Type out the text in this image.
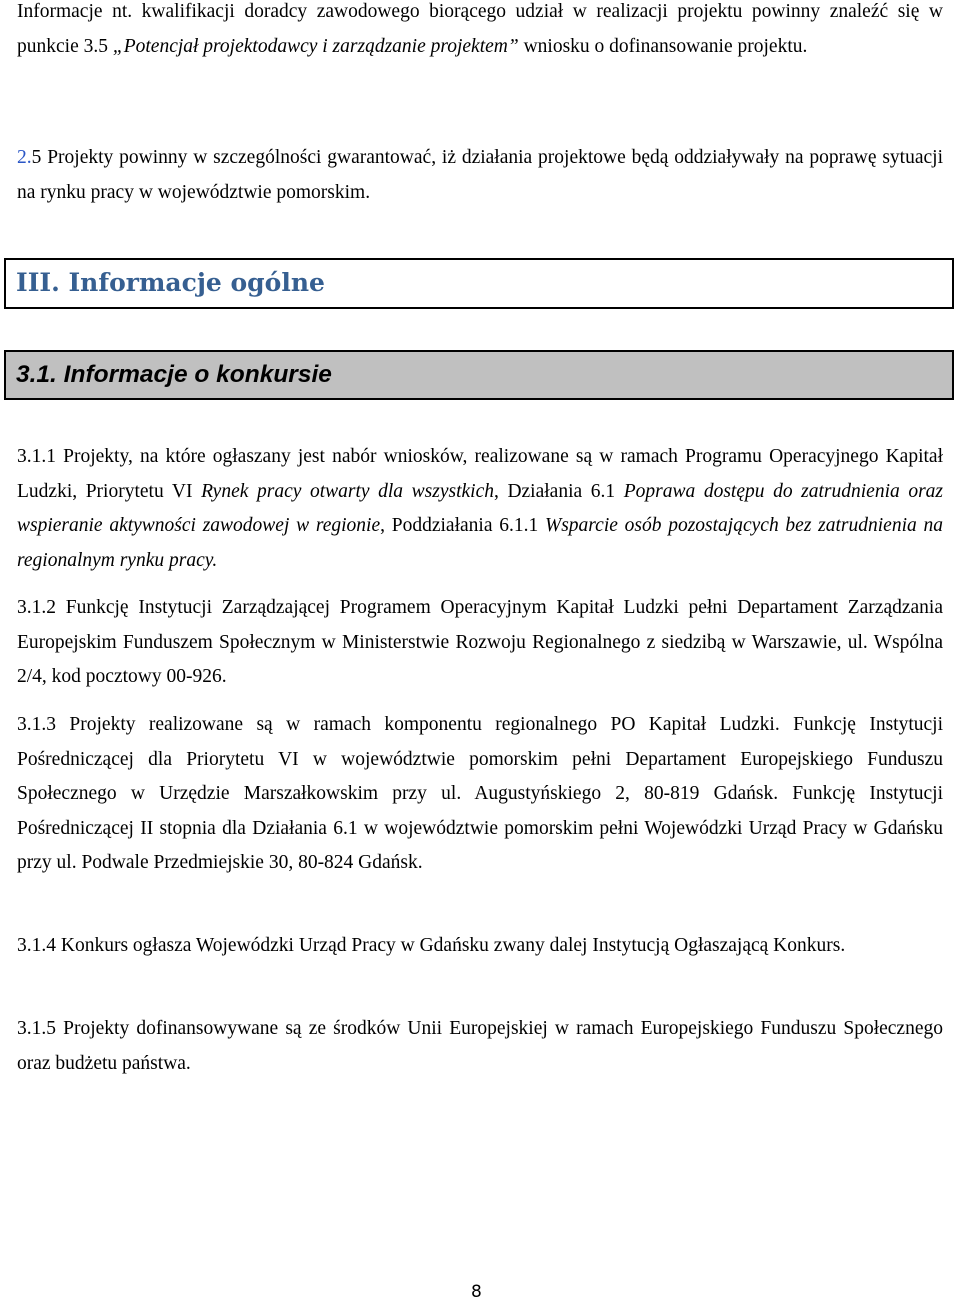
Informacje nt. kwalifikacji doradcy zawodowego biorącego udział w realizacji projektu powinny znaleźć się w punkcie 3.5 „Potencjał projektodawcy i zarządzanie projektem” wniosku o dofinansowanie projektu.

2.5 Projekty powinny w szczególności gwarantować, iż działania projektowe będą oddziaływały na poprawę sytuacji na rynku pracy w województwie pomorskim.

III. Informacje ogólne
3.1. Informacje o konkursie

3.1.1 Projekty, na które ogłaszany jest nabór wniosków, realizowane są w ramach Programu Operacyjnego Kapitał Ludzki, Priorytetu VI Rynek pracy otwarty dla wszystkich, Działania 6.1 Poprawa dostępu do zatrudnienia oraz wspieranie aktywności zawodowej w regionie, Poddziałania 6.1.1 Wsparcie osób pozostających bez zatrudnienia na regionalnym rynku pracy.

3.1.2 Funkcję Instytucji Zarządzającej Programem Operacyjnym Kapitał Ludzki pełni Departament Zarządzania Europejskim Funduszem Społecznym w Ministerstwie Rozwoju Regionalnego z siedzibą w Warszawie, ul. Wspólna 2/4, kod pocztowy 00-926.

3.1.3 Projekty realizowane są w ramach komponentu regionalnego PO Kapitał Ludzki. Funkcję Instytucji Pośredniczącej dla Priorytetu VI w województwie pomorskim pełni Departament Europejskiego Funduszu Społecznego w Urzędzie Marszałkowskim przy ul. Augustyńskiego 2, 80-819 Gdańsk. Funkcję Instytucji Pośredniczącej II stopnia dla Działania 6.1 w województwie pomorskim pełni Wojewódzki Urząd Pracy w Gdańsku przy ul. Podwale Przedmiejskie 30, 80-824 Gdańsk.

3.1.4 Konkurs ogłasza Wojewódzki Urząd Pracy w Gdańsku zwany dalej Instytucją Ogłaszającą Konkurs.

3.1.5 Projekty dofinansowywane są ze środków Unii Europejskiej w ramach Europejskiego Funduszu Społecznego oraz budżetu państwa.

8
